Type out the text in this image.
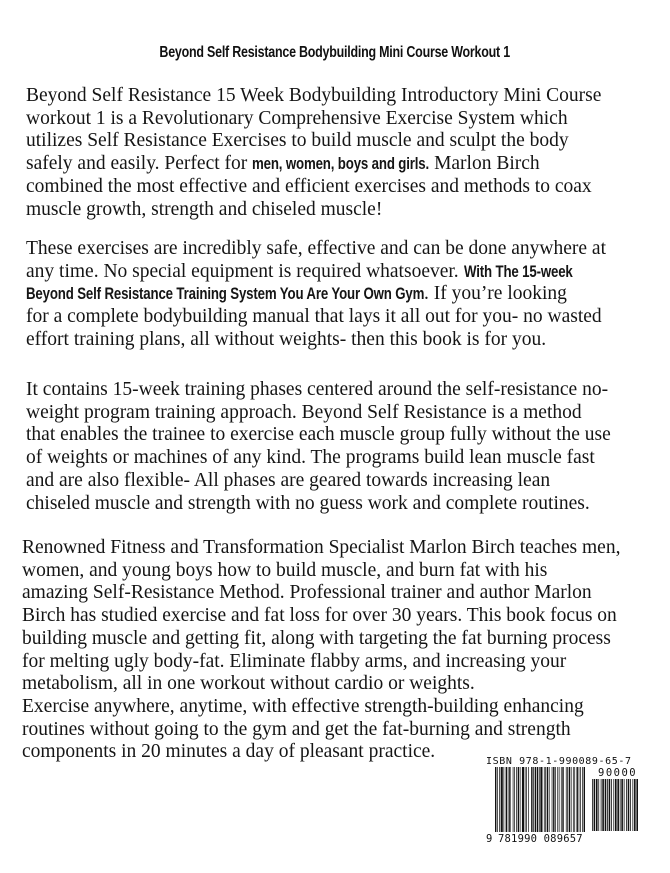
Beyond Self Resistance Bodybuilding Mini Course Workout 1
Beyond Self Resistance 15 Week Bodybuilding Introductory Mini Course
workout 1 is a Revolutionary Comprehensive Exercise System which
utilizes Self Resistance Exercises to build muscle and sculpt the body
safely and easily. Perfect for men, women, boys and girls. Marlon Birch
combined the most effective and efficient exercises and methods to coax
muscle growth, strength and chiseled muscle!
These exercises are incredibly safe, effective and can be done anywhere at
any time. No special equipment is required whatsoever. With The 15-week
Beyond Self Resistance Training System You Are Your Own Gym. If you’re looking
for a complete bodybuilding manual that lays it all out for you- no wasted
effort training plans, all without weights- then this book is for you.
It contains 15-week training phases centered around the self-resistance no-
weight program training approach. Beyond Self Resistance is a method
that enables the trainee to exercise each muscle group fully without the use
of weights or machines of any kind. The programs build lean muscle fast
and are also flexible- All phases are geared towards increasing lean
chiseled muscle and strength with no guess work and complete routines.
Renowned Fitness and Transformation Specialist Marlon Birch teaches men,
women, and young boys how to build muscle, and burn fat with his
amazing Self-Resistance Method. Professional trainer and author Marlon
Birch has studied exercise and fat loss for over 30 years. This book focus on
building muscle and getting fit, along with targeting the fat burning process
for melting ugly body-fat. Eliminate flabby arms, and increasing your
metabolism, all in one workout without cardio or weights.
Exercise anywhere, anytime, with effective strength-building enhancing
routines without going to the gym and get the fat-burning and strength
components in 20 minutes a day of pleasant practice.	ISBN 978-1-990089-65-7
90000
9 781990 089657
